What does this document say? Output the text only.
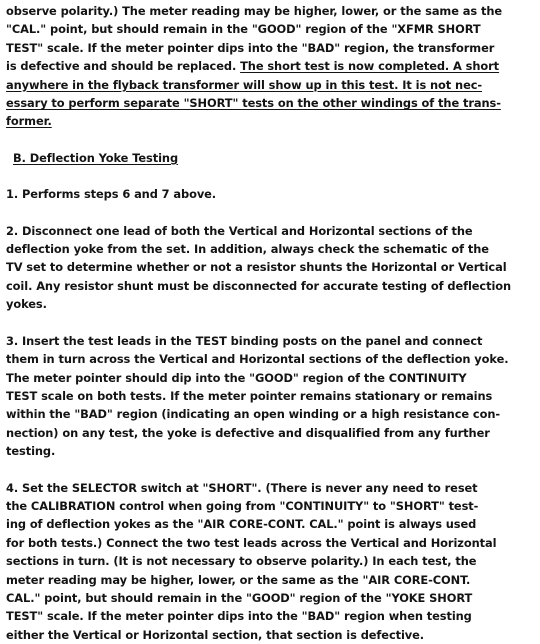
observe polarity.) The meter reading may be higher, lower, or the same as the
"CAL." point, but should remain in the "GOOD" region of the "XFMR SHORT
TEST" scale. If the meter pointer dips into the "BAD" region, the transformer
is defective and should be replaced. The short test is now completed. A short
anywhere in the flyback transformer will show up in this test. It is not nec-
essary to perform separate "SHORT" tests on the other windings of the trans-
former.
B. Deflection Yoke Testing
1. Performs steps 6 and 7 above.
2. Disconnect one lead of both the Vertical and Horizontal sections of the
deflection yoke from the set. In addition, always check the schematic of the
TV set to determine whether or not a resistor shunts the Horizontal or Vertical
coil. Any resistor shunt must be disconnected for accurate testing of deflection
yokes.
3. Insert the test leads in the TEST binding posts on the panel and connect
them in turn across the Vertical and Horizontal sections of the deflection yoke.
The meter pointer should dip into the "GOOD" region of the CONTINUITY
TEST scale on both tests. If the meter pointer remains stationary or remains
within the "BAD" region (indicating an open winding or a high resistance con-
nection) on any test, the yoke is defective and disqualified from any further
testing.
4. Set the SELECTOR switch at "SHORT". (There is never any need to reset
the CALIBRATION control when going from "CONTINUITY" to "SHORT" test-
ing of deflection yokes as the "AIR CORE-CONT. CAL." point is always used
for both tests.) Connect the two test leads across the Vertical and Horizontal
sections in turn. (It is not necessary to observe polarity.) In each test, the
meter reading may be higher, lower, or the same as the "AIR CORE-CONT.
CAL." point, but should remain in the "GOOD" region of the "YOKE SHORT
TEST" scale. If the meter pointer dips into the "BAD" region when testing
either the Vertical or Horizontal section, that section is defective.
